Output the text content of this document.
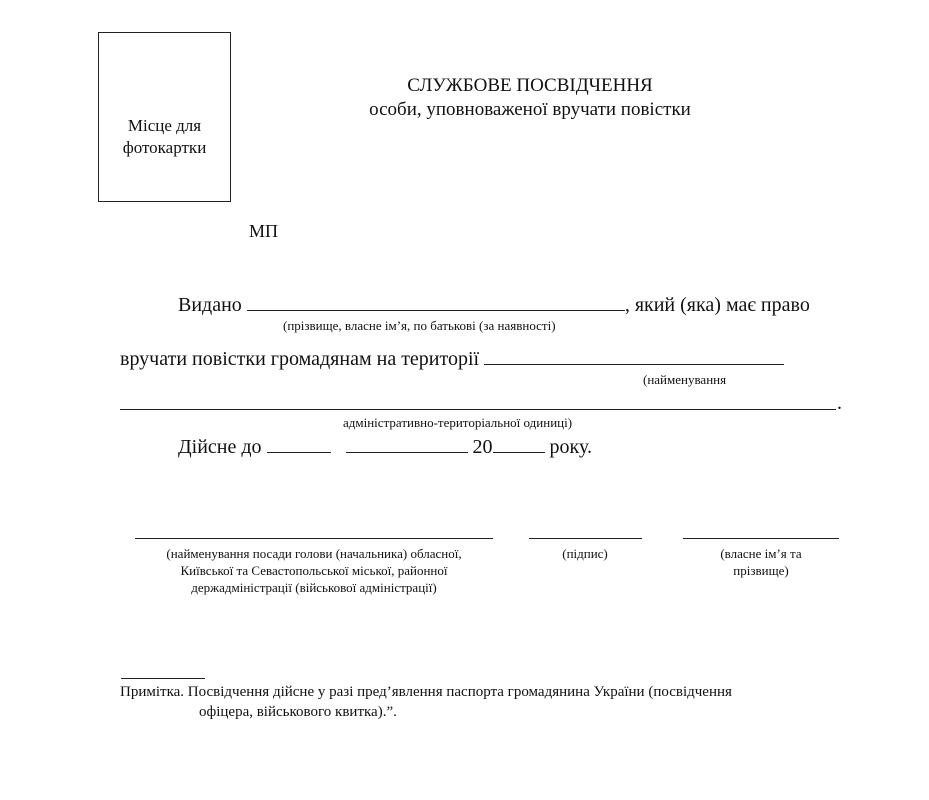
Місце для
фотокартки
СЛУЖБОВЕ ПОСВІДЧЕННЯ
особи, уповноваженої вручати повістки
МП
Видано	, який (яка) має право
(прізвище, власне ім’я, по батькові (за наявності)
вручати повістки громадянам на території
(найменування
.
адміністративно-територіальної одиниці)
Дійсне до	20	року.
(найменування посади голови (начальника) обласної,
Київської та Севастопольської міської, районної
держадміністрації (військової адміністрації)
(підпис)	(власне ім’я та
прізвище)
Примітка. Посвідчення дійсне у разі пред’явлення паспорта громадянина України (посвідчення
офіцера, військового квитка).”.
